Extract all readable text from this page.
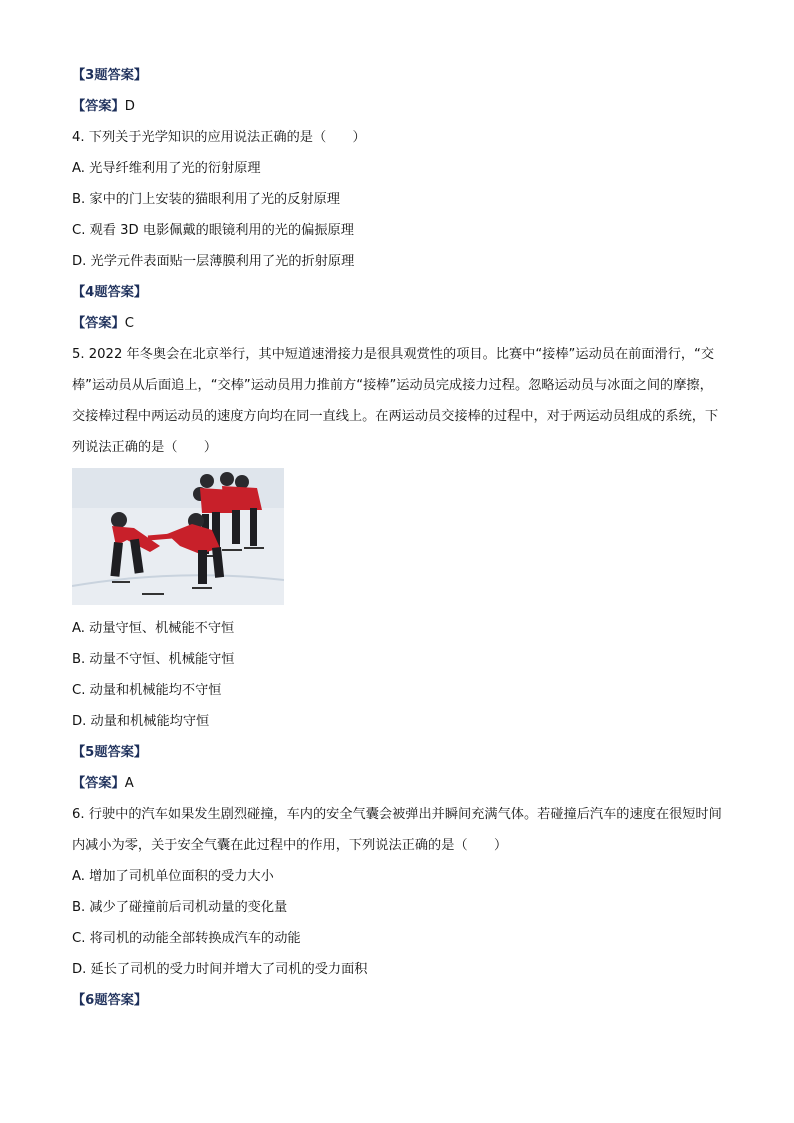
【3题答案】

【答案】D

4. 下列关于光学知识的应用说法正确的是（　　）

A. 光导纤维利用了光的衍射原理

B. 家中的门上安装的猫眼利用了光的反射原理

C. 观看 3D 电影佩戴的眼镜利用的光的偏振原理

D. 光学元件表面贴一层薄膜利用了光的折射原理

【4题答案】

【答案】C

5. 2022 年冬奥会在北京举行，其中短道速滑接力是很具观赏性的项目。比赛中“接棒”运动员在前面滑行，“交棒”运动员从后面追上，“交棒”运动员用力推前方“接棒”运动员完成接力过程。忽略运动员与冰面之间的摩擦，交接棒过程中两运动员的速度方向均在同一直线上。在两运动员交接棒的过程中，对于两运动员组成的系统，下列说法正确的是（　　）

A. 动量守恒、机械能不守恒

B. 动量不守恒、机械能守恒

C. 动量和机械能均不守恒

D. 动量和机械能均守恒

【5题答案】

【答案】A

6. 行驶中的汽车如果发生剧烈碰撞，车内的安全气囊会被弹出并瞬间充满气体。若碰撞后汽车的速度在很短时间内减小为零，关于安全气囊在此过程中的作用，下列说法正确的是（　　）

A. 增加了司机单位面积的受力大小

B. 减少了碰撞前后司机动量的变化量

C. 将司机的动能全部转换成汽车的动能

D. 延长了司机的受力时间并增大了司机的受力面积

【6题答案】
